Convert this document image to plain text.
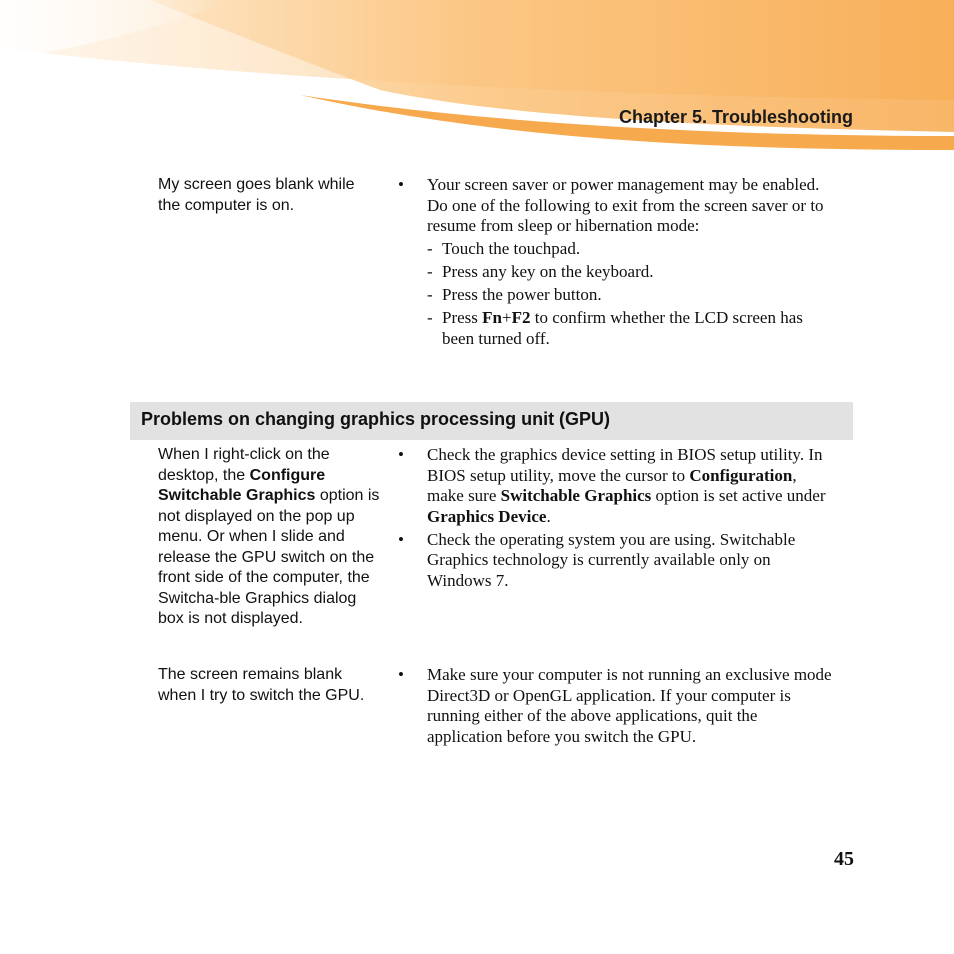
Chapter 5. Troubleshooting
My screen goes blank while the computer is on.
• Your screen saver or power management may be enabled. Do one of the following to exit from the screen saver or to resume from sleep or hibernation mode:
- Touch the touchpad.
- Press any key on the keyboard.
- Press the power button.
- Press Fn+F2 to confirm whether the LCD screen has been turned off.
Problems on changing graphics processing unit (GPU)
When I right-click on the desktop, the Configure Switchable Graphics option is not displayed on the pop up menu. Or when I slide and release the GPU switch on the front side of the computer, the Switcha-ble Graphics dialog box is not displayed.
• Check the graphics device setting in BIOS setup utility. In BIOS setup utility, move the cursor to Configuration, make sure Switchable Graphics option is set active under Graphics Device.
• Check the operating system you are using. Switchable Graphics technology is currently available only on Windows 7.
The screen remains blank when I try to switch the GPU.
• Make sure your computer is not running an exclusive mode Direct3D or OpenGL application. If your computer is running either of the above applications, quit the application before you switch the GPU.
45
